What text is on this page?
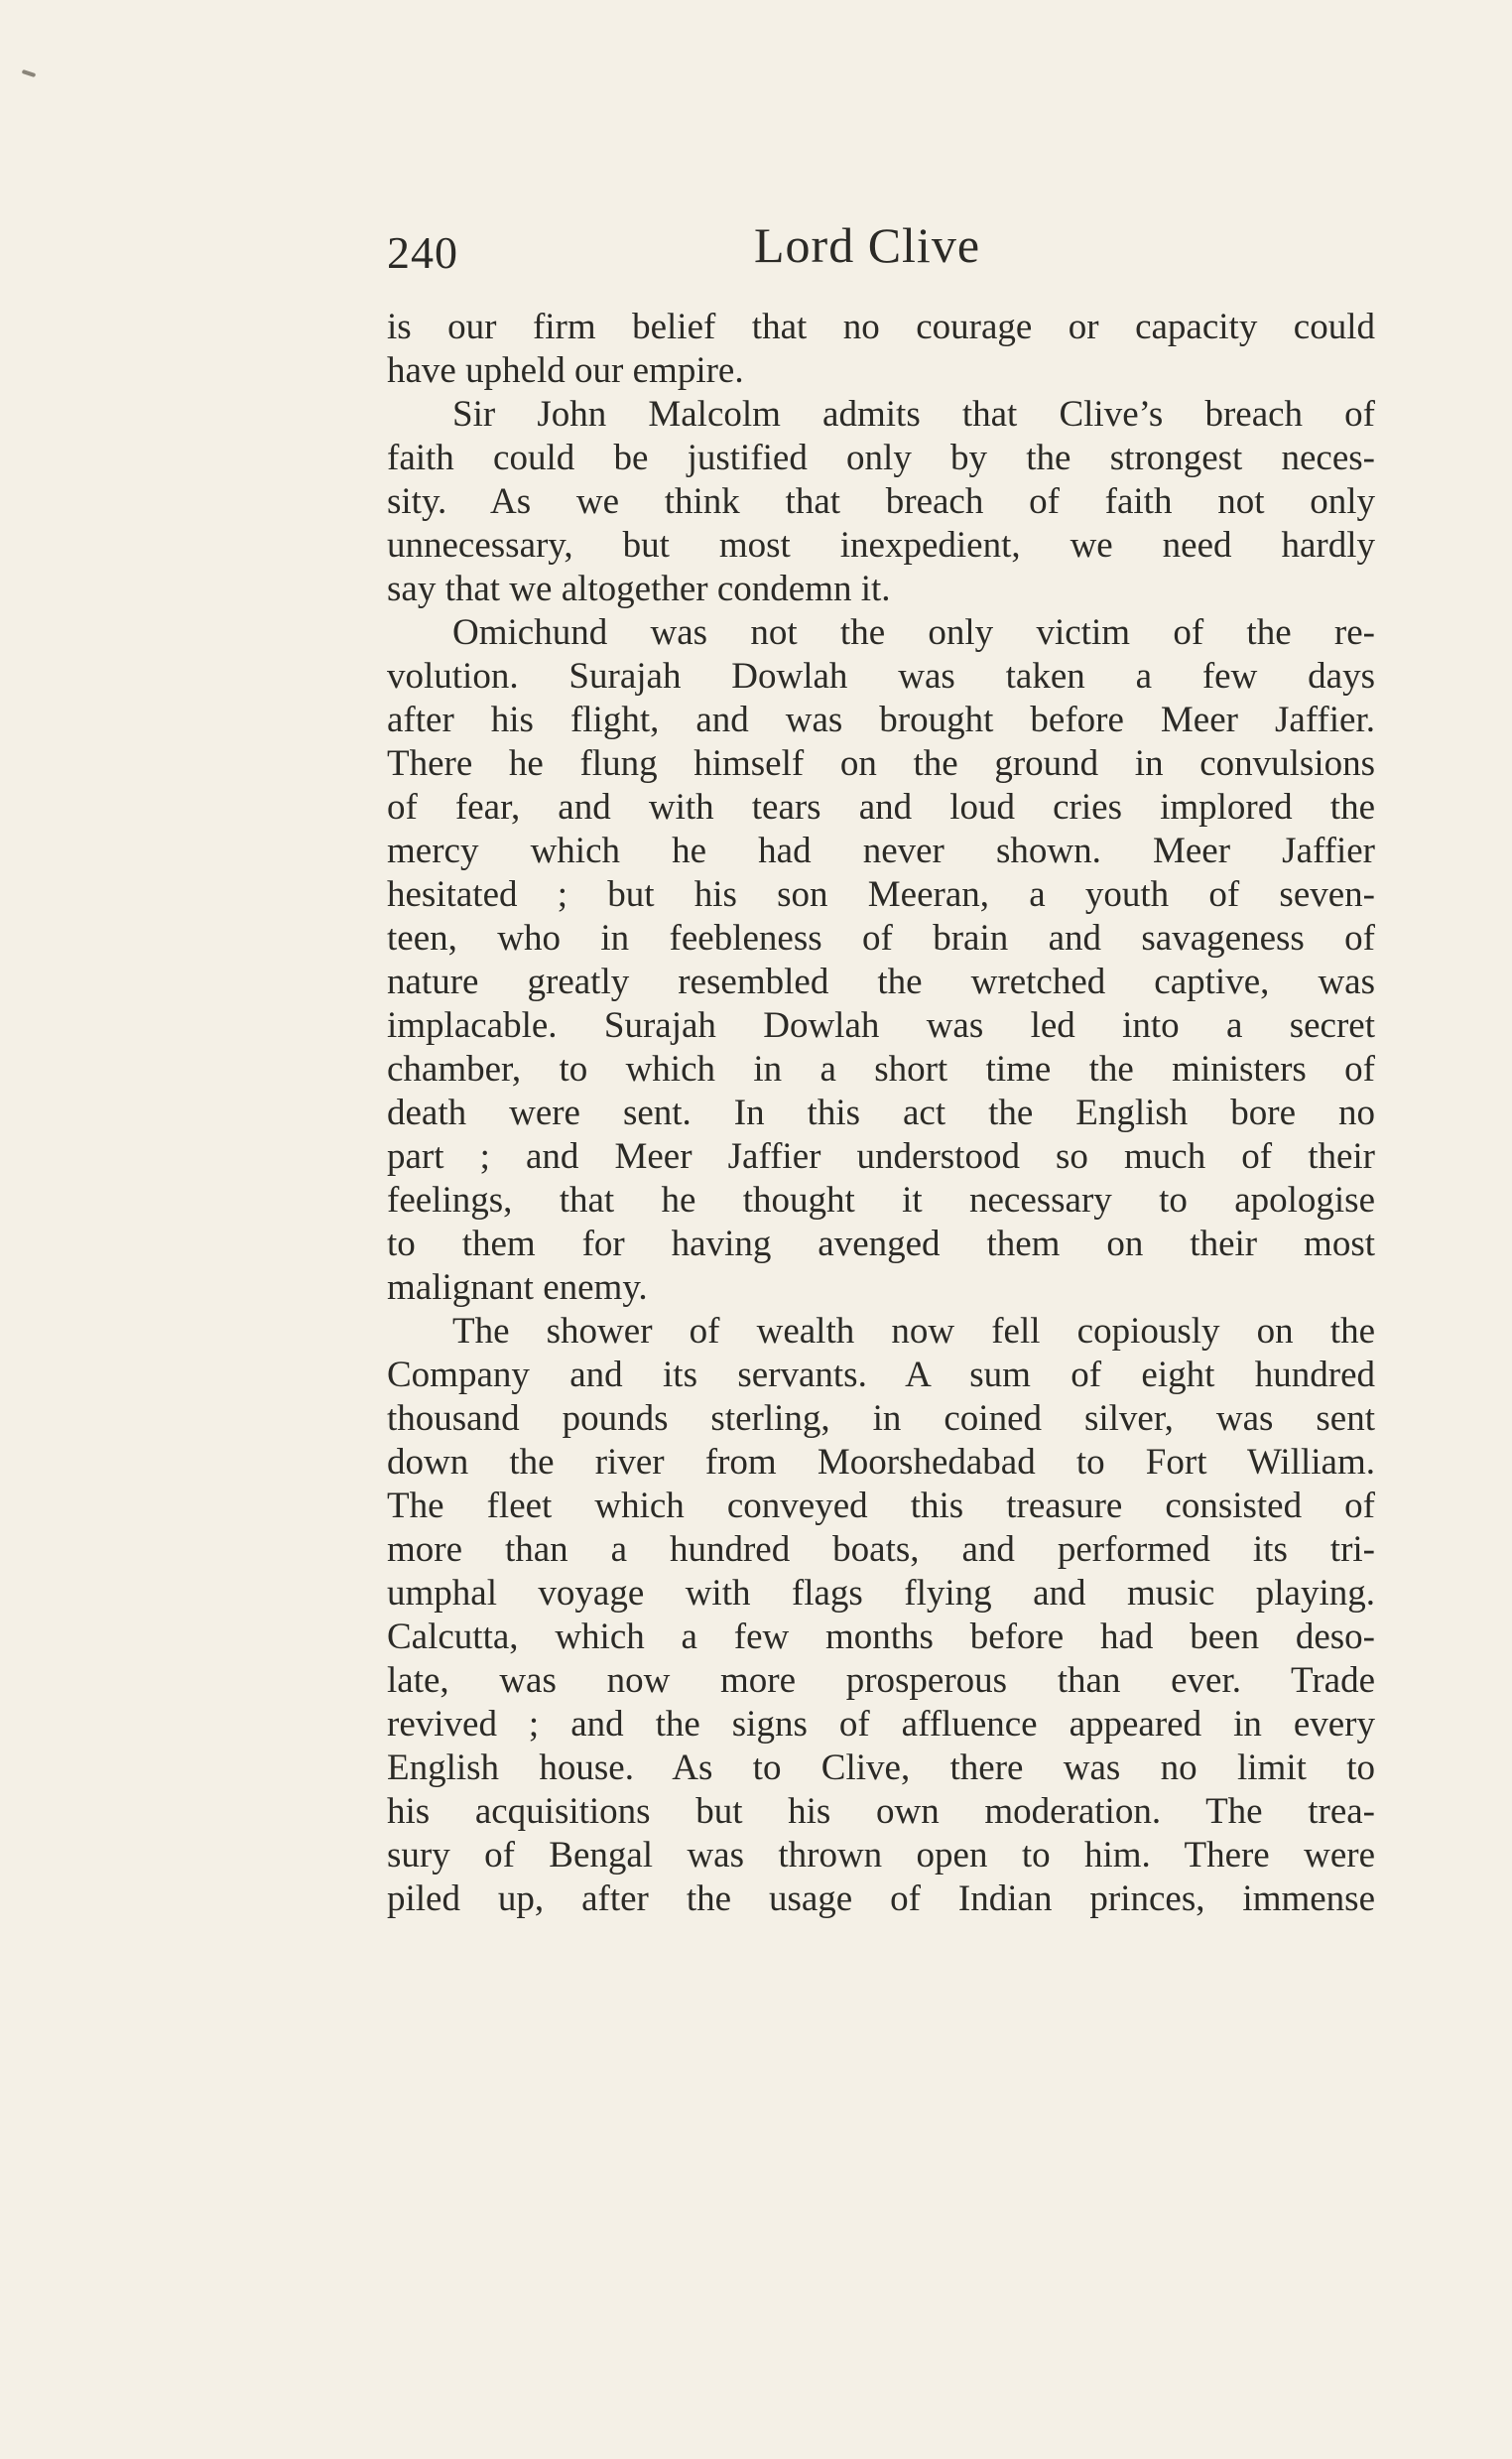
240	Lord Clive
is our firm belief that no courage or capacity could
have upheld our empire.
Sir John Malcolm admits that Clive’s breach of
faith could be justified only by the strongest neces-
sity. As we think that breach of faith not only
unnecessary, but most inexpedient, we need hardly
say that we altogether condemn it.
Omichund was not the only victim of the re-
volution. Surajah Dowlah was taken a few days
after his flight, and was brought before Meer Jaffier.
There he flung himself on the ground in convulsions
of fear, and with tears and loud cries implored the
mercy which he had never shown. Meer Jaffier
hesitated ; but his son Meeran, a youth of seven-
teen, who in feebleness of brain and savageness of
nature greatly resembled the wretched captive, was
implacable. Surajah Dowlah was led into a secret
chamber, to which in a short time the ministers of
death were sent. In this act the English bore no
part ; and Meer Jaffier understood so much of their
feelings, that he thought it necessary to apologise
to them for having avenged them on their most
malignant enemy.
The shower of wealth now fell copiously on the
Company and its servants. A sum of eight hundred
thousand pounds sterling, in coined silver, was sent
down the river from Moorshedabad to Fort William.
The fleet which conveyed this treasure consisted of
more than a hundred boats, and performed its tri-
umphal voyage with flags flying and music playing.
Calcutta, which a few months before had been deso-
late, was now more prosperous than ever. Trade
revived ; and the signs of affluence appeared in every
English house. As to Clive, there was no limit to
his acquisitions but his own moderation. The trea-
sury of Bengal was thrown open to him. There were
piled up, after the usage of Indian princes, immense
